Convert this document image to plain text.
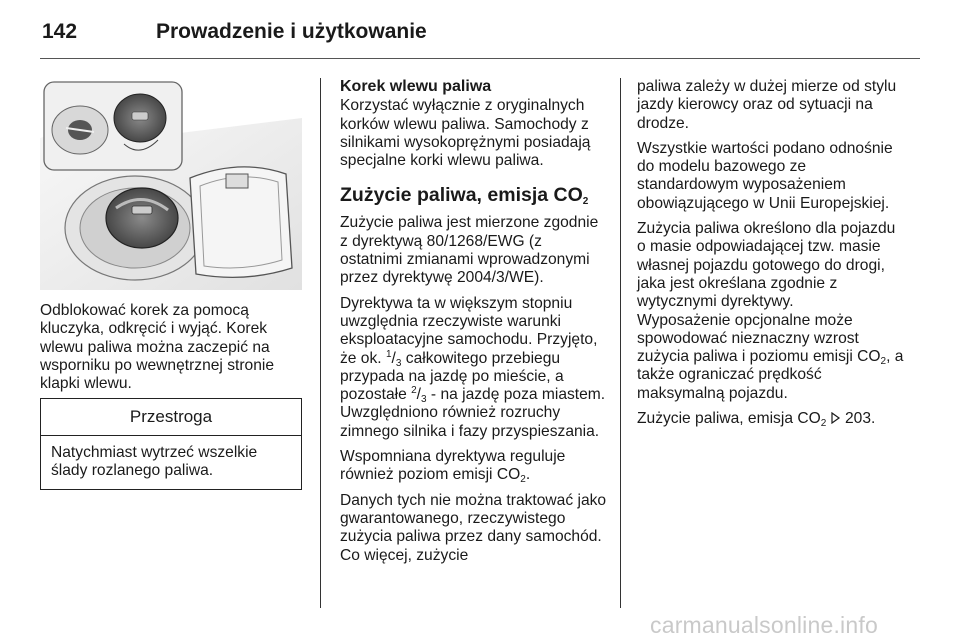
142	Prowadzenie i użytkowanie

Odblokować korek za pomocą kluczyka, odkręcić i wyjąć. Korek wlewu paliwa można zaczepić na wsporniku po wewnętrznej stronie klapki wlewu.

Przestroga
Natychmiast wytrzeć wszelkie ślady rozlanego paliwa.
Korek wlewu paliwa

Korzystać wyłącznie z oryginalnych korków wlewu paliwa. Samochody z silnikami wysokoprężnymi posiadają specjalne korki wlewu paliwa.

Zużycie paliwa, emisja $CO_2$

Zużycie paliwa jest mierzone zgodnie z dyrektywą 80/1268/EWG (z ostatnimi zmianami wprowadzonymi przez dyrektywę 2004/3/WE).

Dyrektywa ta w większym stopniu uwzględnia rzeczywiste warunki eksploatacyjne samochodu. Przyjęto, że ok. $^1/_3$ całkowitego przebiegu przypada na jazdę po mieście, a pozostałe $^2/_3$ - na jazdę poza miastem. Uwzględniono również rozruchy zimnego silnika i fazy przyspieszania.

Wspomniana dyrektywa reguluje również poziom emisji $CO_2$.

Danych tych nie można traktować jako gwarantowanego, rzeczywistego zużycia paliwa przez dany samochód. Co więcej, zużycie

paliwa zależy w dużej mierze od stylu jazdy kierowcy oraz od sytuacji na drodze.

Wszystkie wartości podano odnośnie do modelu bazowego ze standardowym wyposażeniem obowiązującego w Unii Europejskiej.

Zużycia paliwa określono dla pojazdu o masie odpowiadającej tzw. masie własnej pojazdu gotowego do drogi, jaka jest określana zgodnie z wytycznymi dyrektywy.

Wyposażenie opcjonalne może spowodować nieznaczny wzrost zużycia paliwa i poziomu emisji $CO_2$, a także ograniczać prędkość maksymalną pojazdu.

Zużycie paliwa, emisja $CO_2$ 203.

carmanualsonline.info
